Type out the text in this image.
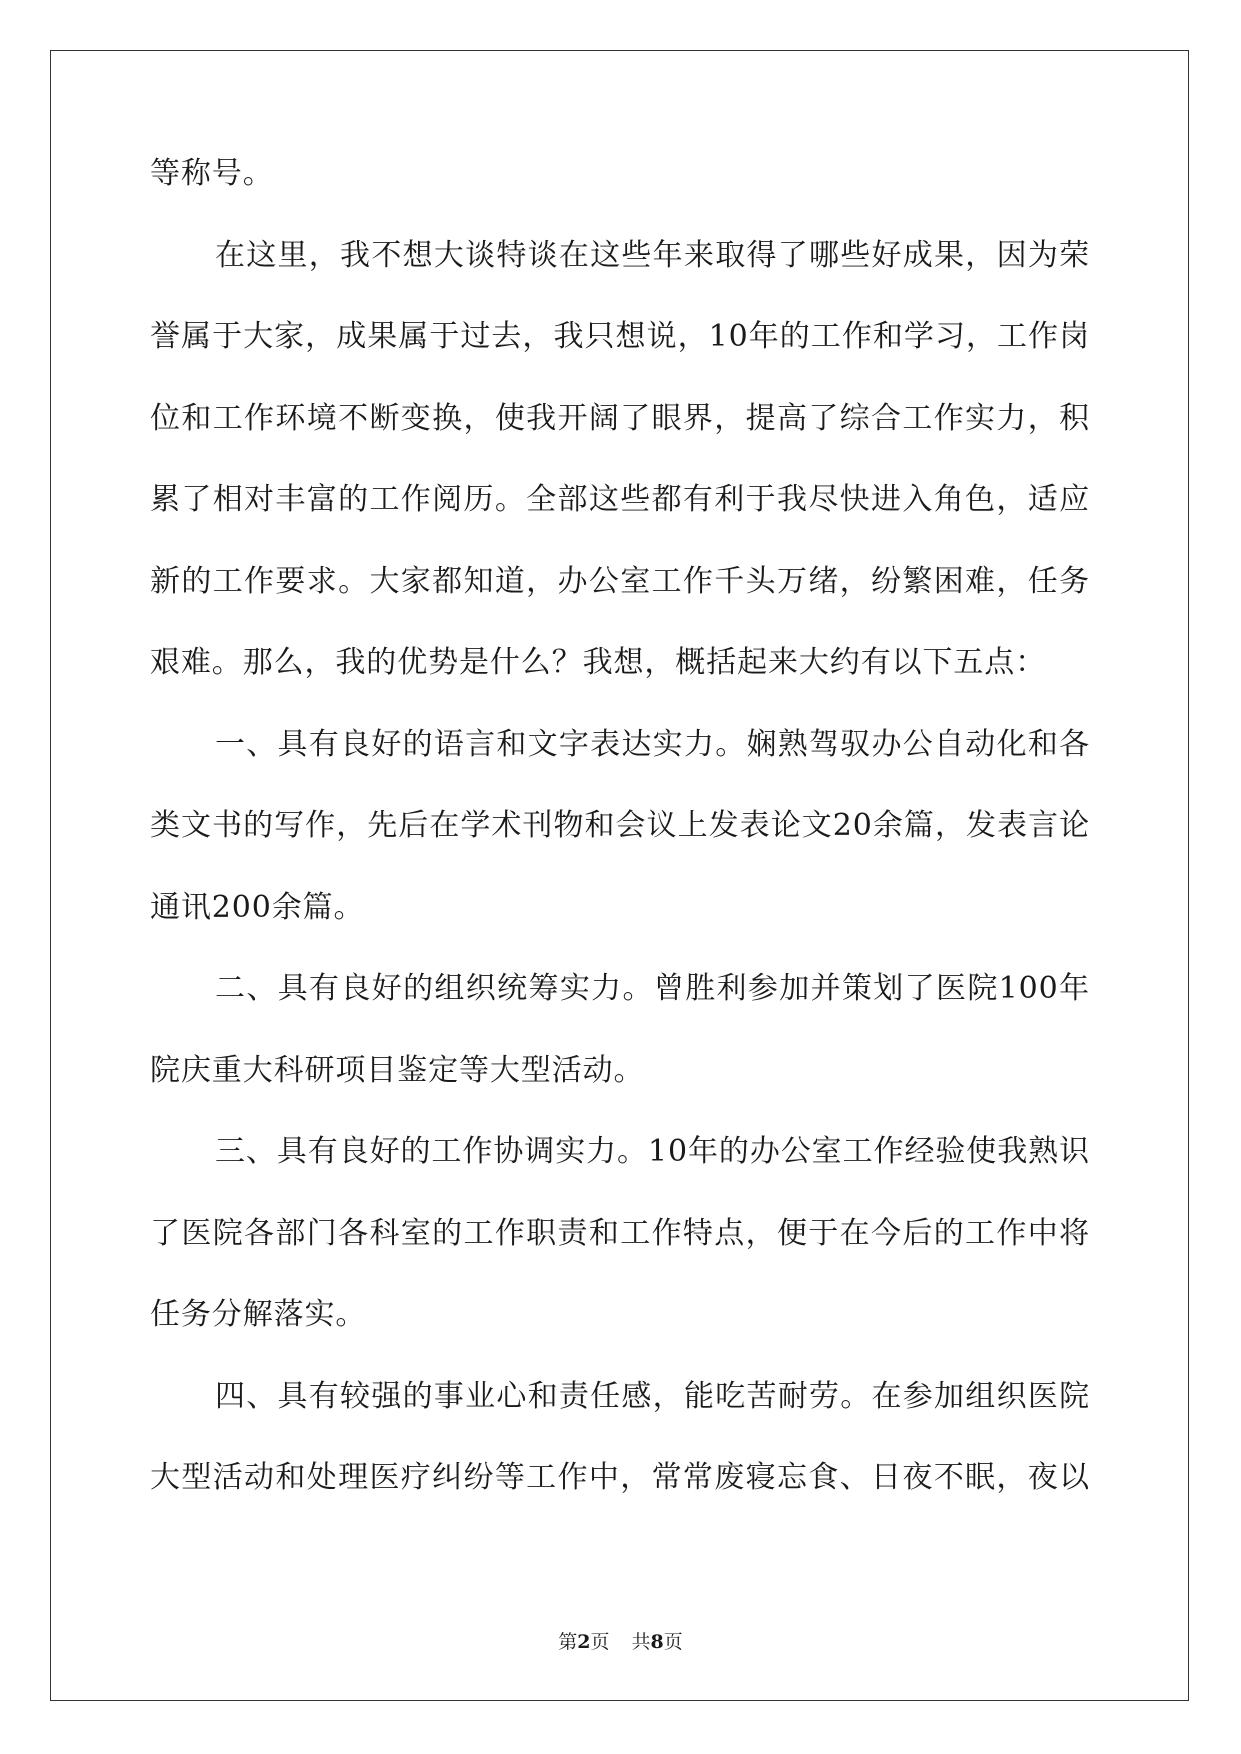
等称号。
在这里，我不想大谈特谈在这些年来取得了哪些好成果，因为荣
誉属于大家，成果属于过去，我只想说，10年的工作和学习，工作岗
位和工作环境不断变换，使我开阔了眼界，提高了综合工作实力，积
累了相对丰富的工作阅历。全部这些都有利于我尽快进入角色，适应
新的工作要求。大家都知道，办公室工作千头万绪，纷繁困难，任务
艰难。那么，我的优势是什么？我想，概括起来大约有以下五点：
一、具有良好的语言和文字表达实力。娴熟驾驭办公自动化和各
类文书的写作，先后在学术刊物和会议上发表论文20余篇，发表言论
通讯200余篇。
二、具有良好的组织统筹实力。曾胜利参加并策划了医院100年
院庆重大科研项目鉴定等大型活动。
三、具有良好的工作协调实力。10年的办公室工作经验使我熟识
了医院各部门各科室的工作职责和工作特点，便于在今后的工作中将
任务分解落实。
四、具有较强的事业心和责任感，能吃苦耐劳。在参加组织医院
大型活动和处理医疗纠纷等工作中，常常废寝忘食、日夜不眠，夜以
第2页 共8页
